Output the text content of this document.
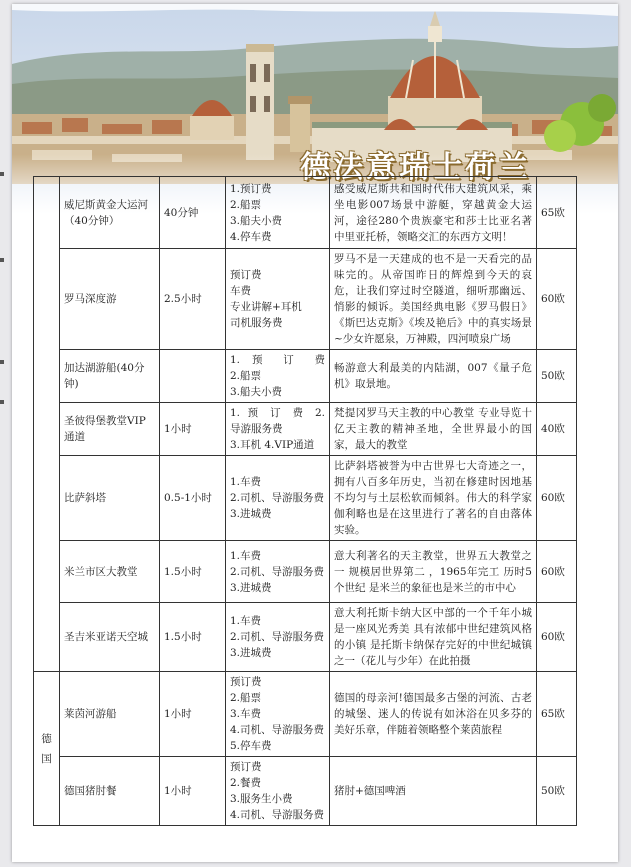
德法意瑞士荷兰
	威尼斯黄金大运河（40分钟）	40分钟	1.预订费
2.船票
3.船夫小费
4.停车费	感受威尼斯共和国时代伟大建筑风采，乘坐电影007场景中游艇，穿越黄金大运河，途径280个贵族豪宅和莎士比亚名著中里亚托桥，领略交汇的东西方文明！	65欧
	罗马深度游	2.5小时	预订费
车费
专业讲解+耳机
司机服务费	罗马不是一天建成的也不是一天看完的品味完的。从帝国昨日的辉煌到今天的哀危，让我们穿过时空隧道，细听那幽远、悄影的倾诉。美国经典电影《罗马假日》《斯巴达克斯》《埃及艳后》中的真实场景~少女许愿泉，万神殿，四河喷泉广场	60欧
	加达湖游船(40分钟)		1. 预 订 费
2.船票
3.船夫小费	畅游意大利最美的内陆湖，007《量子危机》取景地。	50欧
	圣彼得堡教堂VIP通道	1小时	1. 预 订 费 2.
导游服务费
3.耳机 4.VIP通道	梵提冈罗马天主教的中心教堂 专业导览十亿天主教的精神圣地，全世界最小的国家，最大的教堂	40欧
	比萨斜塔	0.5-1小时	1.车费
2.司机、导游服务费
3.进城费	比萨斜塔被誉为中古世界七大奇迹之一，拥有八百多年历史，当初在修建时因地基不均匀与土层松软而倾斜。伟大的科学家伽利略也是在这里进行了著名的自由落体实验。	60欧
	米兰市区大教堂	1.5小时	1.车费
2.司机、导游服务费
3.进城费	意大利著名的天主教堂，世界五大教堂之一 规模居世界第二 ，1965年完工 历时5个世纪 是米兰的象征也是米兰的市中心	60欧
	圣吉米亚诺天空城	1.5小时	1.车费
2.司机、导游服务费
3.进城费	意大利托斯卡纳大区中部的一个千年小城是一座风光秀美 具有浓郁中世纪建筑风格的小镇 是托斯卡纳保存完好的中世纪城镇之一（花儿与少年）在此拍摄	60欧

德国	莱茵河游船	1小时	预订费
2.船票
3.车费
4.司机、导游服务费
5.停车费	德国的母亲河!德国最多古堡的河流、古老的城堡、迷人的传说有如沐浴在贝多芬的美好乐章，伴随着领略整个莱茵旅程	65欧
	德国猪肘餐	1小时	预订费
2.餐费
3.服务生小费
4.司机、导游服务费	猪肘+德国啤酒	50欧
